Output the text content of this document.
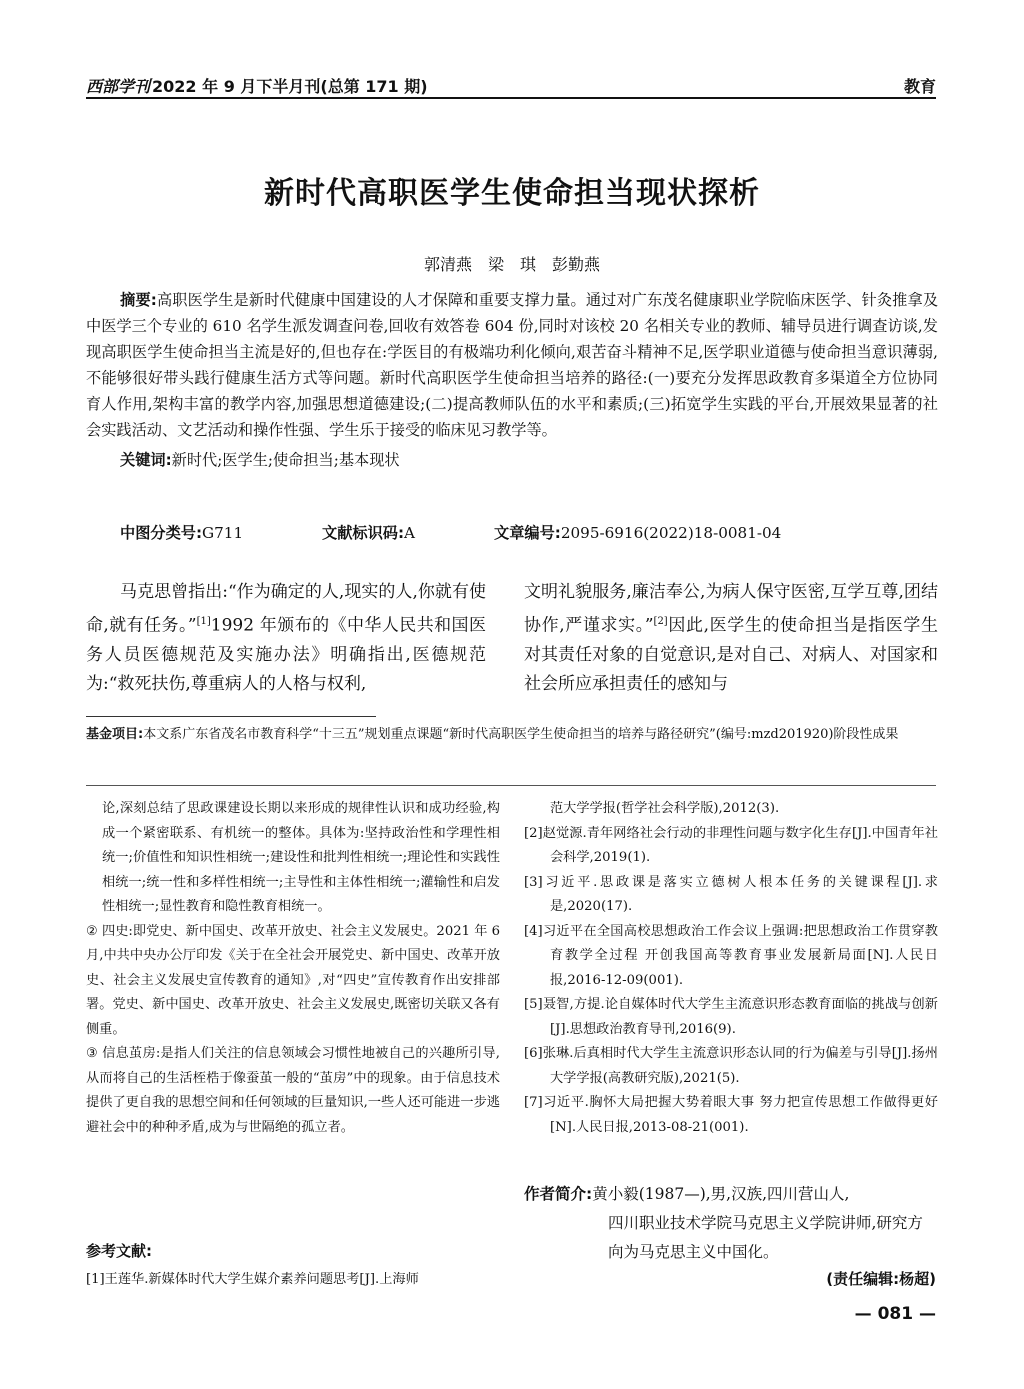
西部学刊 2022 年 9 月下半月刊(总第 171 期)	教育
新时代高职医学生使命担当现状探析
郭清燕　梁　琪　彭勤燕
摘要:高职医学生是新时代健康中国建设的人才保障和重要支撑力量。通过对广东茂名健康职业学院临床医学、针灸推拿及中医学三个专业的 610 名学生派发调查问卷,回收有效答卷 604 份,同时对该校 20 名相关专业的教师、辅导员进行调查访谈,发现高职医学生使命担当主流是好的,但也存在:学医目的有极端功利化倾向,艰苦奋斗精神不足,医学职业道德与使命担当意识薄弱,不能够很好带头践行健康生活方式等问题。新时代高职医学生使命担当培养的路径:(一)要充分发挥思政教育多渠道全方位协同育人作用,架构丰富的教学内容,加强思想道德建设;(二)提高教师队伍的水平和素质;(三)拓宽学生实践的平台,开展效果显著的社会实践活动、文艺活动和操作性强、学生乐于接受的临床见习教学等。
关键词:新时代;医学生;使命担当;基本现状
中图分类号:G711	文献标识码:A	文章编号:2095-6916(2022)18-0081-04
马克思曾指出:“作为确定的人,现实的人,你就有使命,就有任务。”[1]1992 年颁布的《中华人民共和国医务人员医德规范及实施办法》明确指出,医德规范为:“救死扶伤,尊重病人的人格与权利,
文明礼貌服务,廉洁奉公,为病人保守医密,互学互尊,团结协作,严谨求实。”[2]因此,医学生的使命担当是指医学生对其责任对象的自觉意识,是对自己、对病人、对国家和社会所应承担责任的感知与
基金项目:本文系广东省茂名市教育科学“十三五”规划重点课题“新时代高职医学生使命担当的培养与路径研究”(编号:mzd201920)阶段性成果

论,深刻总结了思政课建设长期以来形成的规律性认识和成功经验,构成一个紧密联系、有机统一的整体。具体为:坚持政治性和学理性相统一;价值性和知识性相统一;建设性和批判性相统一;理论性和实践性相统一;统一性和多样性相统一;主导性和主体性相统一;灌输性和启发性相统一;显性教育和隐性教育相统一。

② 四史:即党史、新中国史、改革开放史、社会主义发展史。2021 年 6 月,中共中央办公厅印发《关于在全社会开展党史、新中国史、改革开放史、社会主义发展史宣传教育的通知》,对“四史”宣传教育作出安排部署。党史、新中国史、改革开放史、社会主义发展史,既密切关联又各有侧重。

③ 信息茧房:是指人们关注的信息领域会习惯性地被自己的兴趣所引导,从而将自己的生活桎梏于像蚕茧一般的“茧房”中的现象。由于信息技术提供了更自我的思想空间和任何领域的巨量知识,一些人还可能进一步逃避社会中的种种矛盾,成为与世隔绝的孤立者。

参考文献:

[1]王莲华.新媒体时代大学生媒介素养问题思考[J].上海师

范大学学报(哲学社会科学版),2012(3).

[2]赵觉源.青年网络社会行动的非理性问题与数字化生存[J].中国青年社会科学,2019(1).

[3]习近平.思政课是落实立德树人根本任务的关键课程[J].求是,2020(17).

[4]习近平在全国高校思想政治工作会议上强调:把思想政治工作贯穿教育教学全过程 开创我国高等教育事业发展新局面[N].人民日报,2016-12-09(001).

[5]聂智,方提.论自媒体时代大学生主流意识形态教育面临的挑战与创新[J].思想政治教育导刊,2016(9).

[6]张琳.后真相时代大学生主流意识形态认同的行为偏差与引导[J].扬州大学学报(高教研究版),2021(5).

[7]习近平.胸怀大局把握大势着眼大事 努力把宣传思想工作做得更好[N].人民日报,2013-08-21(001).

作者简介:黄小毅(1987—),男,汉族,四川营山人,
四川职业技术学院马克思主义学院讲师,研究方向为马克思主义中国化。
(责任编辑:杨超)
— 081 —
